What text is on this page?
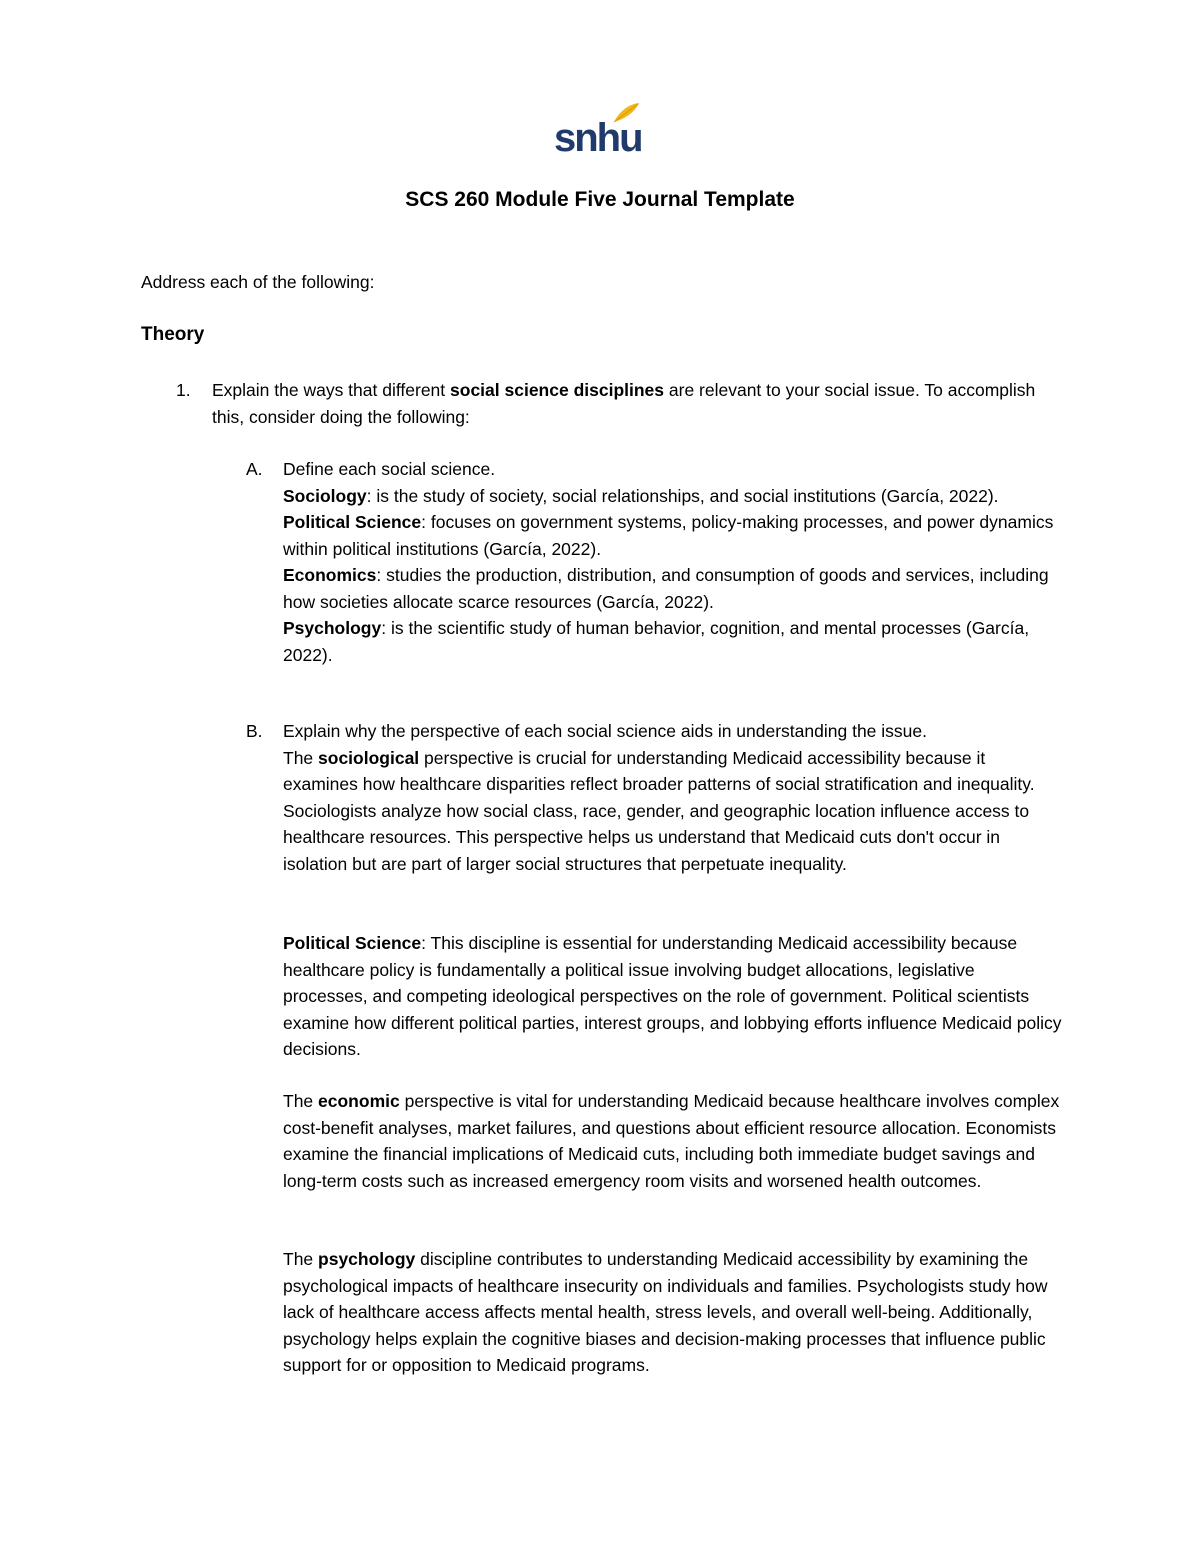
snhu
SCS 260 Module Five Journal Template
Address each of the following:
Theory
1. Explain the ways that different social science disciplines are relevant to your social issue. To accomplish this, consider doing the following:
A. Define each social science.
Sociology: is the study of society, social relationships, and social institutions (García, 2022).
Political Science: focuses on government systems, policy-making processes, and power dynamics within political institutions (García, 2022).
Economics: studies the production, distribution, and consumption of goods and services, including how societies allocate scarce resources (García, 2022).
Psychology: is the scientific study of human behavior, cognition, and mental processes (García, 2022).
B. Explain why the perspective of each social science aids in understanding the issue.
The sociological perspective is crucial for understanding Medicaid accessibility because it examines how healthcare disparities reflect broader patterns of social stratification and inequality. Sociologists analyze how social class, race, gender, and geographic location influence access to healthcare resources. This perspective helps us understand that Medicaid cuts don't occur in isolation but are part of larger social structures that perpetuate inequality.
Political Science: This discipline is essential for understanding Medicaid accessibility because healthcare policy is fundamentally a political issue involving budget allocations, legislative processes, and competing ideological perspectives on the role of government. Political scientists examine how different political parties, interest groups, and lobbying efforts influence Medicaid policy decisions.
The economic perspective is vital for understanding Medicaid because healthcare involves complex cost-benefit analyses, market failures, and questions about efficient resource allocation. Economists examine the financial implications of Medicaid cuts, including both immediate budget savings and long-term costs such as increased emergency room visits and worsened health outcomes.
The psychology discipline contributes to understanding Medicaid accessibility by examining the psychological impacts of healthcare insecurity on individuals and families. Psychologists study how lack of healthcare access affects mental health, stress levels, and overall well-being. Additionally, psychology helps explain the cognitive biases and decision-making processes that influence public support for or opposition to Medicaid programs.
